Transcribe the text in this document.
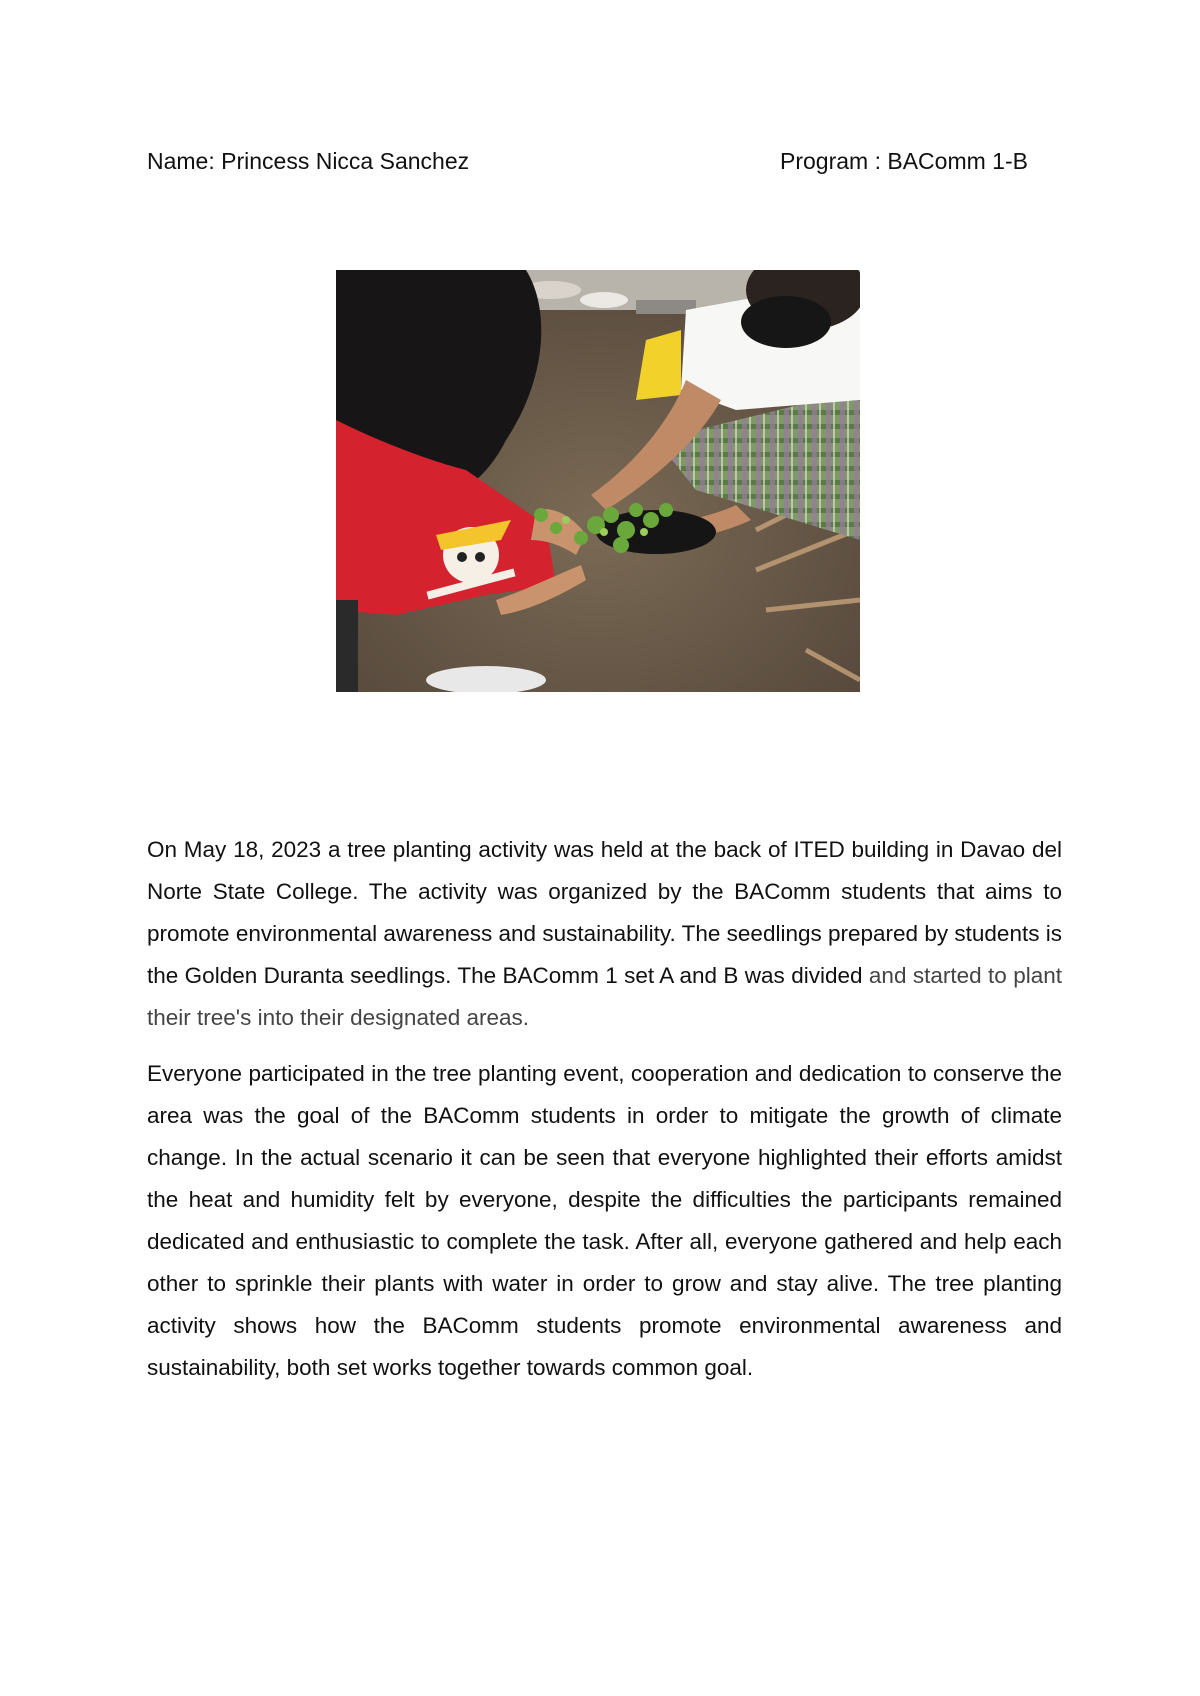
Name: Princess Nicca Sanchez	Program : BAComm 1-B

On May 18, 2023 a tree planting activity was held at the back of ITED building in Davao del Norte State College. The activity was organized by the BAComm students that aims to promote environmental awareness and sustainability. The seedlings prepared by students is the Golden Duranta seedlings. The BAComm 1 set A and B was divided and started to plant their tree's into their designated areas.

Everyone participated in the tree planting event, cooperation and dedication to conserve the area was the goal of the BAComm students in order to mitigate the growth of climate change. In the actual scenario it can be seen that everyone highlighted their efforts amidst the heat and humidity felt by everyone, despite the difficulties the participants remained dedicated and enthusiastic to complete the task. After all, everyone gathered and help each other to sprinkle their plants with water in order to grow and stay alive. The tree planting activity shows how the BAComm students promote environmental awareness and sustainability, both set works together towards common goal.
